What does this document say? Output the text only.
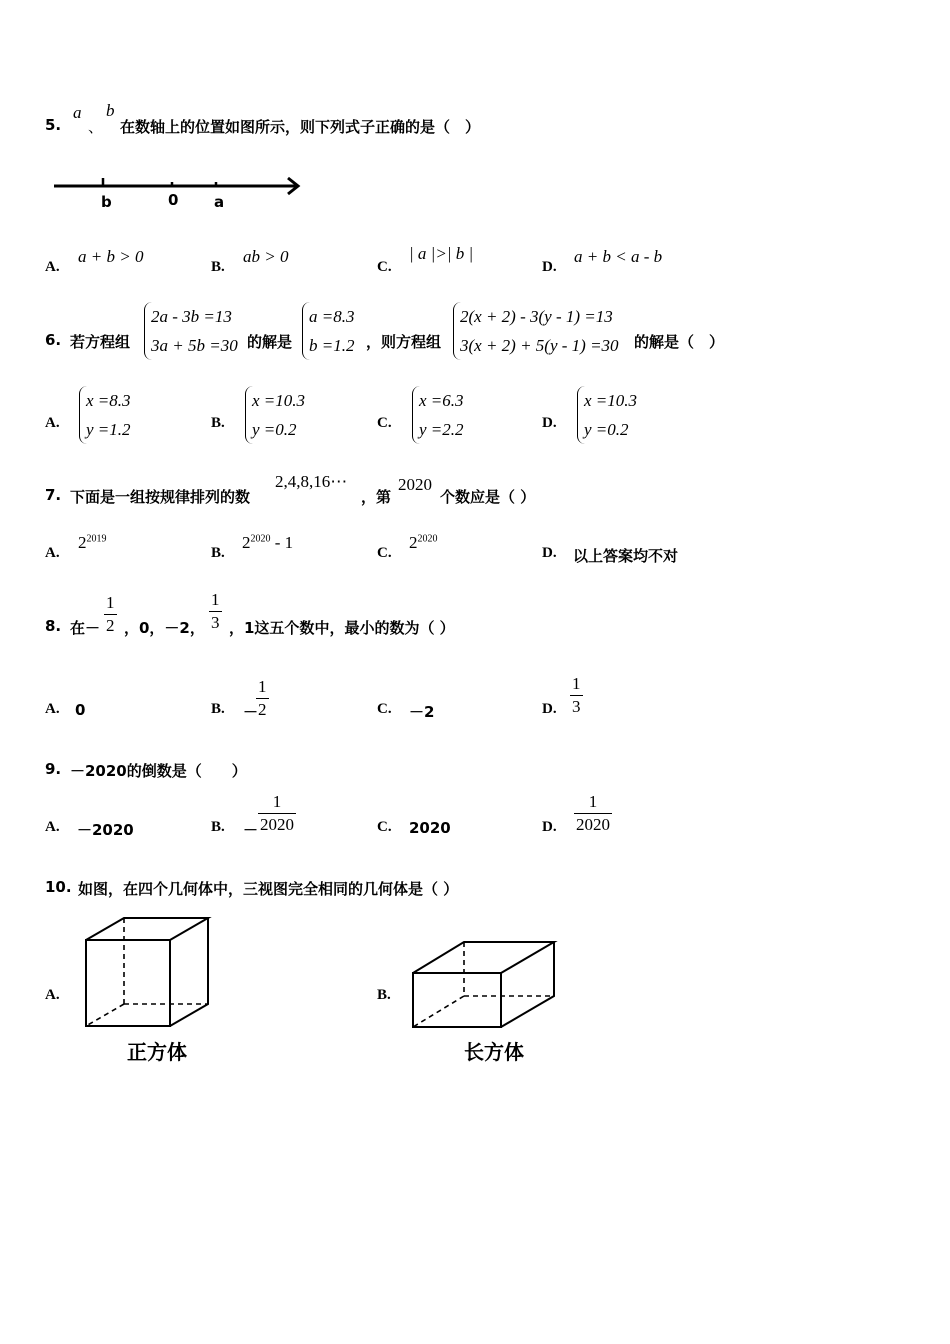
5.
a
、
b
在数轴上的位置如图所示，则下列式子正确的是（　）
b	0 a
A.
a + b > 0
B.
ab > 0
C.
| a |>| b |
D.
a + b < a - b
6. 若方程组
2a - 3b =13
3a + 5b =30 的解是
a =8.3
b =1.2 ，则方程组
2(x + 2) - 3(y - 1) =13
3(x + 2) + 5(y - 1) =30 的解是（　）
A.
x =8.3
y =1.2	B.
x =10.3
y =0.2	C.
x =6.3
y =2.2	D.
x =10.3
y =0.2
7. 下面是一组按规律排列的数
2,4,8,16⋯
，第
2020
个数应是（ ）
A.
$2^{2019}$
B.
$2^{2020} - 1$
C.
$2^{2020}$
D. 以上答案均不对
8. 在－ $\frac{1}{2}$ ，0，－2， $\frac{1}{3}$ ，1这五个数中，最小的数为（ ）
A. 0	B. －
$\frac{1}{2}$	C. －2	D. $\frac{1}{3}$
9. －2020的倒数是（　　）
A. －2020	B. － $\frac{1}{2020}$	C. 2020	D. $\frac{1}{2020}$
10. 如图，在四个几何体中，三视图完全相同的几何体是（ ）
A.
正方体
B.
长方体
